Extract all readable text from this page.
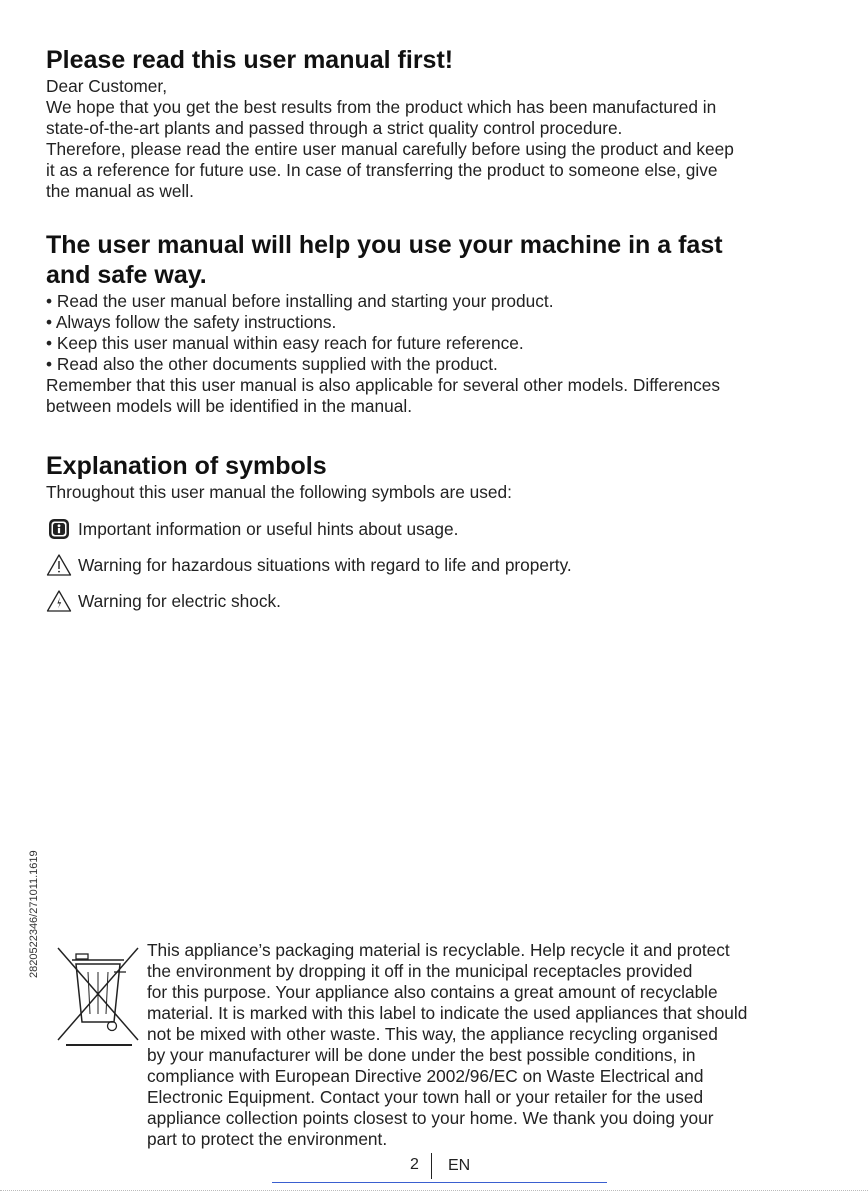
Please read this user manual first!

Dear Customer,

We hope that you get the best results from the product which has been manufactured in

state-of-the-art plants and passed through a strict quality control procedure.

Therefore, please read the entire user manual carefully before using the product and keep

it as a reference for future use. In case of transferring the product to someone else, give

the manual as well.

The user manual will help you use your machine in a fast
and safe way.

• Read the user manual before installing and starting your product.

• Always follow the safety instructions.

• Keep this user manual within easy reach for future reference.

• Read also the other documents supplied with the product.

Remember that this user manual is also applicable for several other models. Differences

between models will be identified in the manual.

Explanation of symbols

Throughout this user manual the following symbols are used:

Important information or useful hints about usage.
Warning for hazardous situations with regard to life and property.
Warning for electric shock.
2820522346/271011.1619	This appliance’s packaging material is recyclable. Help recycle it and protect

the environment by dropping it off in the municipal receptacles provided

for this purpose. Your appliance also contains a great amount of recyclable

material. It is marked with this label to indicate the used appliances that should

not be mixed with other waste. This way, the appliance recycling organised

by your manufacturer will be done under the best possible conditions, in

compliance with European Directive 2002/96/EC on Waste Electrical and

Electronic Equipment. Contact your town hall or your retailer for the used

appliance collection points closest to your home. We thank you doing your

part to protect the environment.

2 EN
